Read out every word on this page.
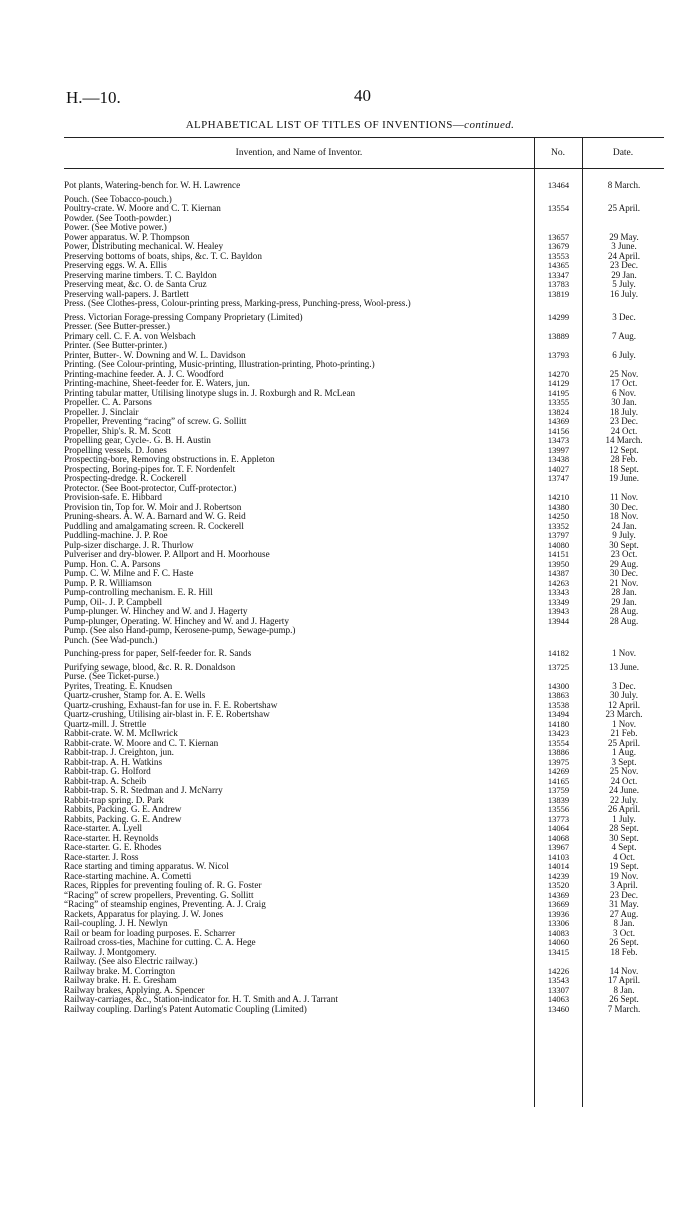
H.—10.	40
ALPHABETICAL LIST OF TITLES OF INVENTIONS—continued.
Invention, and Name of Inventor.	No.	Date.
Pot plants, Watering-bench for. W. H. Lawrence	13464	8 March.
Pouch. (See Tobacco-pouch.)
Poultry-crate. W. Moore and C. T. Kiernan	13554	25 April.
Powder. (See Tooth-powder.)
Power. (See Motive power.)
Power apparatus. W. P. Thompson	13657	29 May.
Power, Distributing mechanical. W. Healey	13679	3 June.
Preserving bottoms of boats, ships, &c. T. C. Bayldon	13553	24 April.
Preserving eggs. W. A. Ellis	14365	23 Dec.
Preserving marine timbers. T. C. Bayldon	13347	29 Jan.
Preserving meat, &c. O. de Santa Cruz	13783	5 July.
Preserving wall-papers. J. Bartlett	13819	16 July.
Press. (See Clothes-press, Colour-printing press, Marking-press, Punching-press, Wool-press.)
Press. Victorian Forage-pressing Company Proprietary (Limited)	14299	3 Dec.
Presser. (See Butter-presser.)
Primary cell. C. F. A. von Welsbach	13889	7 Aug.
Printer. (See Butter-printer.)
Printer, Butter-. W. Downing and W. L. Davidson	13793	6 July.
Printing. (See Colour-printing, Music-printing, Illustration-printing, Photo-printing.)
Printing-machine feeder. A. J. C. Woodford	14270	25 Nov.
Printing-machine, Sheet-feeder for. E. Waters, jun.	14129	17 Oct.
Printing tabular matter, Utilising linotype slugs in. J. Roxburgh and R. McLean	14195	6 Nov.
Propeller. C. A. Parsons	13355	30 Jan.
Propeller. J. Sinclair	13824	18 July.
Propeller, Preventing “racing” of screw. G. Sollitt	14369	23 Dec.
Propeller, Ship's. R. M. Scott	14156	24 Oct.
Propelling gear, Cycle-. G. B. H. Austin	13473	14 March.
Propelling vessels. D. Jones	13997	12 Sept.
Prospecting-bore, Removing obstructions in. E. Appleton	13438	28 Feb.
Prospecting, Boring-pipes for. T. F. Nordenfelt	14027	18 Sept.
Prospecting-dredge. R. Cockerell	13747	19 June.
Protector. (See Boot-protector, Cuff-protector.)
Provision-safe. E. Hibbard	14210	11 Nov.
Provision tin, Top for. W. Moir and J. Robertson	14380	30 Dec.
Pruning-shears. A. W. A. Barnard and W. G. Reid	14250	18 Nov.
Puddling and amalgamating screen. R. Cockerell	13352	24 Jan.
Puddling-machine. J. P. Roe	13797	9 July.
Pulp-sizer discharge. J. R. Thurlow	14080	30 Sept.
Pulveriser and dry-blower. P. Allport and H. Moorhouse	14151	23 Oct.
Pump. Hon. C. A. Parsons	13950	29 Aug.
Pump. C. W. Milne and F. C. Haste	14387	30 Dec.
Pump. P. R. Williamson	14263	21 Nov.
Pump-controlling mechanism. E. R. Hill	13343	28 Jan.
Pump, Oil-. J. P. Campbell	13349	29 Jan.
Pump-plunger. W. Hinchey and W. and J. Hagerty	13943	28 Aug.
Pump-plunger, Operating. W. Hinchey and W. and J. Hagerty	13944	28 Aug.
Pump. (See also Hand-pump, Kerosene-pump, Sewage-pump.)
Punch. (See Wad-punch.)
Punching-press for paper, Self-feeder for. R. Sands	14182	1 Nov.
Purifying sewage, blood, &c. R. R. Donaldson	13725	13 June.
Purse. (See Ticket-purse.)
Pyrites, Treating. E. Knudsen	14300	3 Dec.
Quartz-crusher, Stamp for. A. E. Wells	13863	30 July.
Quartz-crushing, Exhaust-fan for use in. F. E. Robertshaw	13538	12 April.
Quartz-crushing, Utilising air-blast in. F. E. Robertshaw	13494	23 March.
Quartz-mill. J. Strettle	14180	1 Nov.
Rabbit-crate. W. M. McIlwrick	13423	21 Feb.
Rabbit-crate. W. Moore and C. T. Kiernan	13554	25 April.
Rabbit-trap. J. Creighton, jun.	13886	1 Aug.
Rabbit-trap. A. H. Watkins	13975	3 Sept.
Rabbit-trap. G. Holford	14269	25 Nov.
Rabbit-trap. A. Scheib	14165	24 Oct.
Rabbit-trap. S. R. Stedman and J. McNarry	13759	24 June.
Rabbit-trap spring. D. Park	13839	22 July.
Rabbits, Packing. G. E. Andrew	13556	26 April.
Rabbits, Packing. G. E. Andrew	13773	1 July.
Race-starter. A. Lyell	14064	28 Sept.
Race-starter. H. Reynolds	14068	30 Sept.
Race-starter. G. E. Rhodes	13967	4 Sept.
Race-starter. J. Ross	14103	4 Oct.
Race starting and timing apparatus. W. Nicol	14014	19 Sept.
Race-starting machine. A. Cometti	14239	19 Nov.
Races, Ripples for preventing fouling of. R. G. Foster	13520	3 April.
“Racing” of screw propellers, Preventing. G. Sollitt	14369	23 Dec.
“Racing” of steamship engines, Preventing. A. J. Craig	13669	31 May.
Rackets, Apparatus for playing. J. W. Jones	13936	27 Aug.
Rail-coupling. J. H. Newlyn	13306	8 Jan.
Rail or beam for loading purposes. E. Scharrer	14083	3 Oct.
Railroad cross-ties, Machine for cutting. C. A. Hege	14060	26 Sept.
Railway. J. Montgomery.	13415	18 Feb.
Railway. (See also Electric railway.)
Railway brake. M. Corrington	14226	14 Nov.
Railway brake. H. E. Gresham	13543	17 April.
Railway brakes, Applying. A. Spencer	13307	8 Jan.
Railway-carriages, &c., Station-indicator for. H. T. Smith and A. J. Tarrant	14063	26 Sept.
Railway coupling. Darling's Patent Automatic Coupling (Limited)	13460	7 March.
